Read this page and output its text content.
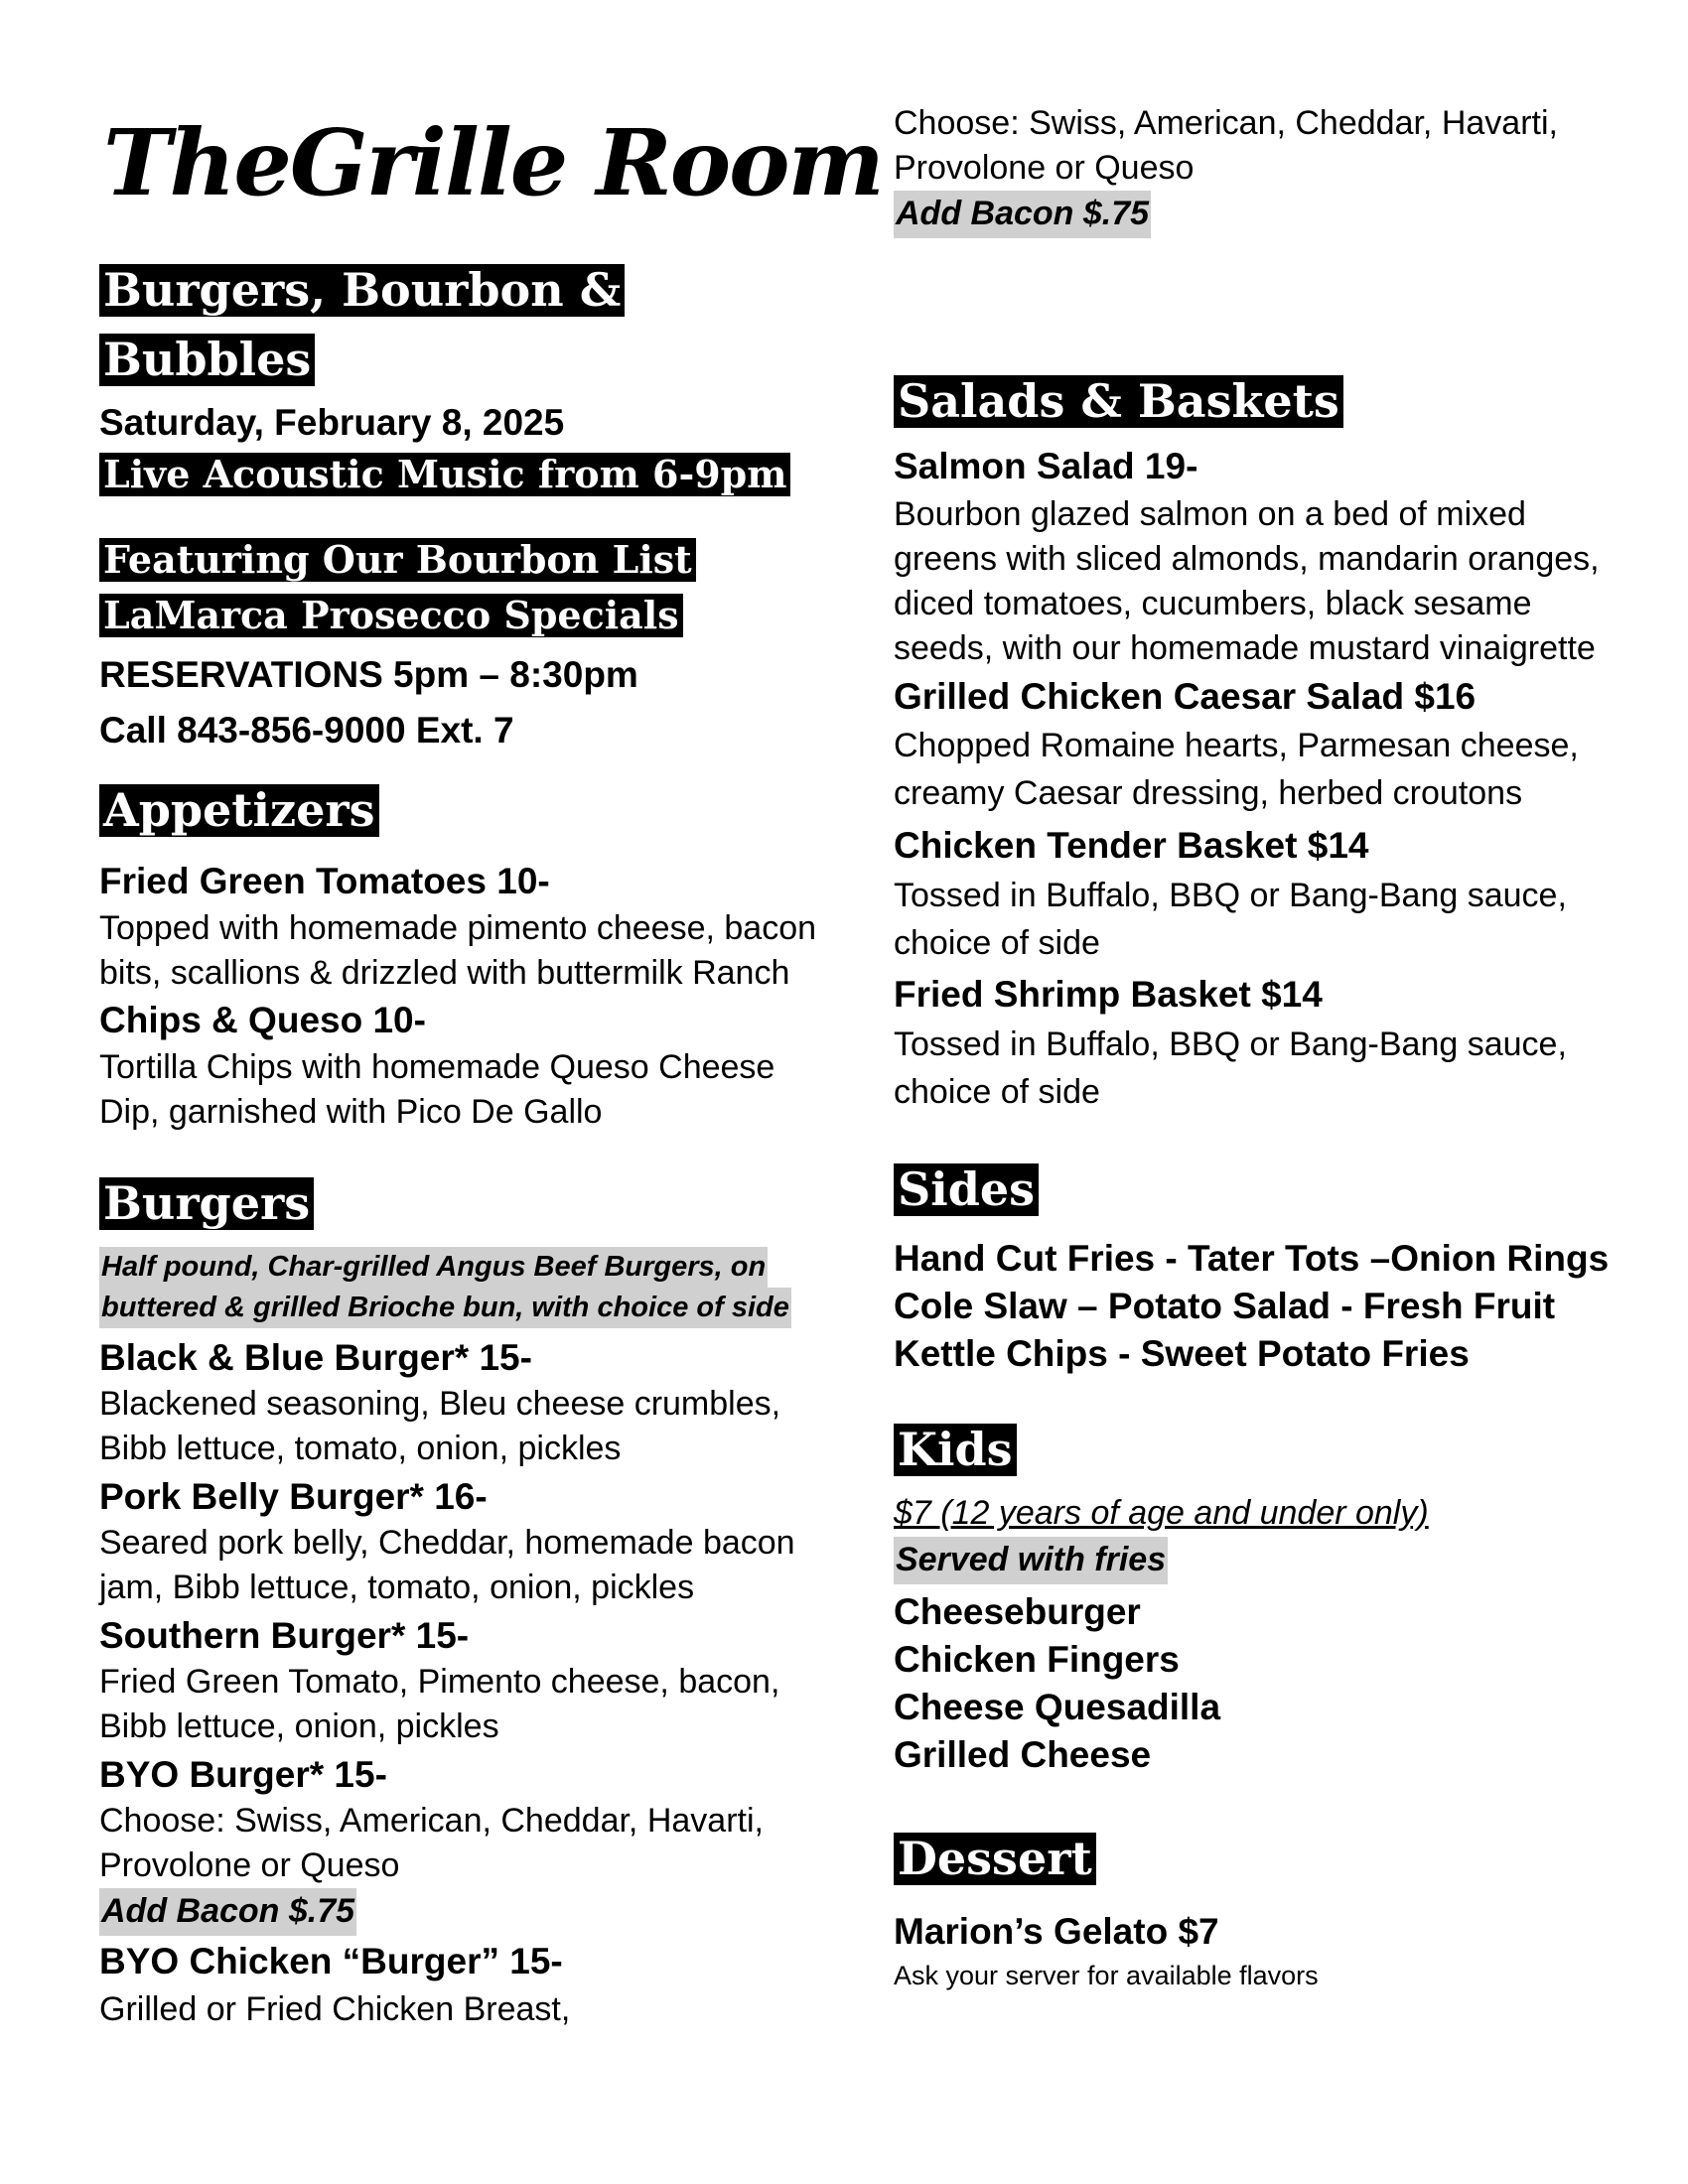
TheGrille Room
Burgers, Bourbon &
Bubbles
Saturday, February 8, 2025
Live Acoustic Music from 6-9pm
Featuring Our Bourbon List
LaMarca Prosecco Specials
RESERVATIONS 5pm – 8:30pm
Call 843-856-9000 Ext. 7
Appetizers
Fried Green Tomatoes 10-
Topped with homemade pimento cheese, bacon
bits, scallions & drizzled with buttermilk Ranch
Chips & Queso 10-
Tortilla Chips with homemade Queso Cheese
Dip, garnished with Pico De Gallo
Burgers
Half pound, Char-grilled Angus Beef Burgers, on
buttered & grilled Brioche bun, with choice of side
Black & Blue Burger* 15-
Blackened seasoning, Bleu cheese crumbles,
Bibb lettuce, tomato, onion, pickles
Pork Belly Burger* 16-
Seared pork belly, Cheddar, homemade bacon
jam, Bibb lettuce, tomato, onion, pickles
Southern Burger* 15-
Fried Green Tomato, Pimento cheese, bacon,
Bibb lettuce, onion, pickles
BYO Burger* 15-
Choose: Swiss, American, Cheddar, Havarti,
Provolone or Queso
Add Bacon $.75
BYO Chicken “Burger” 15-
Grilled or Fried Chicken Breast,
Choose: Swiss, American, Cheddar, Havarti,
Provolone or Queso
Add Bacon $.75
Salads & Baskets
Salmon Salad 19-
Bourbon glazed salmon on a bed of mixed
greens with sliced almonds, mandarin oranges,
diced tomatoes, cucumbers, black sesame
seeds, with our homemade mustard vinaigrette
Grilled Chicken Caesar Salad $16
Chopped Romaine hearts, Parmesan cheese,
creamy Caesar dressing, herbed croutons
Chicken Tender Basket $14
Tossed in Buffalo, BBQ or Bang-Bang sauce,
choice of side
Fried Shrimp Basket $14
Tossed in Buffalo, BBQ or Bang-Bang sauce,
choice of side
Sides
Hand Cut Fries - Tater Tots –Onion Rings
Cole Slaw – Potato Salad - Fresh Fruit
Kettle Chips - Sweet Potato Fries
Kids
$7 (12 years of age and under only)
Served with fries
Cheeseburger
Chicken Fingers
Cheese Quesadilla
Grilled Cheese
Dessert
Marion’s Gelato $7
Ask your server for available flavors
